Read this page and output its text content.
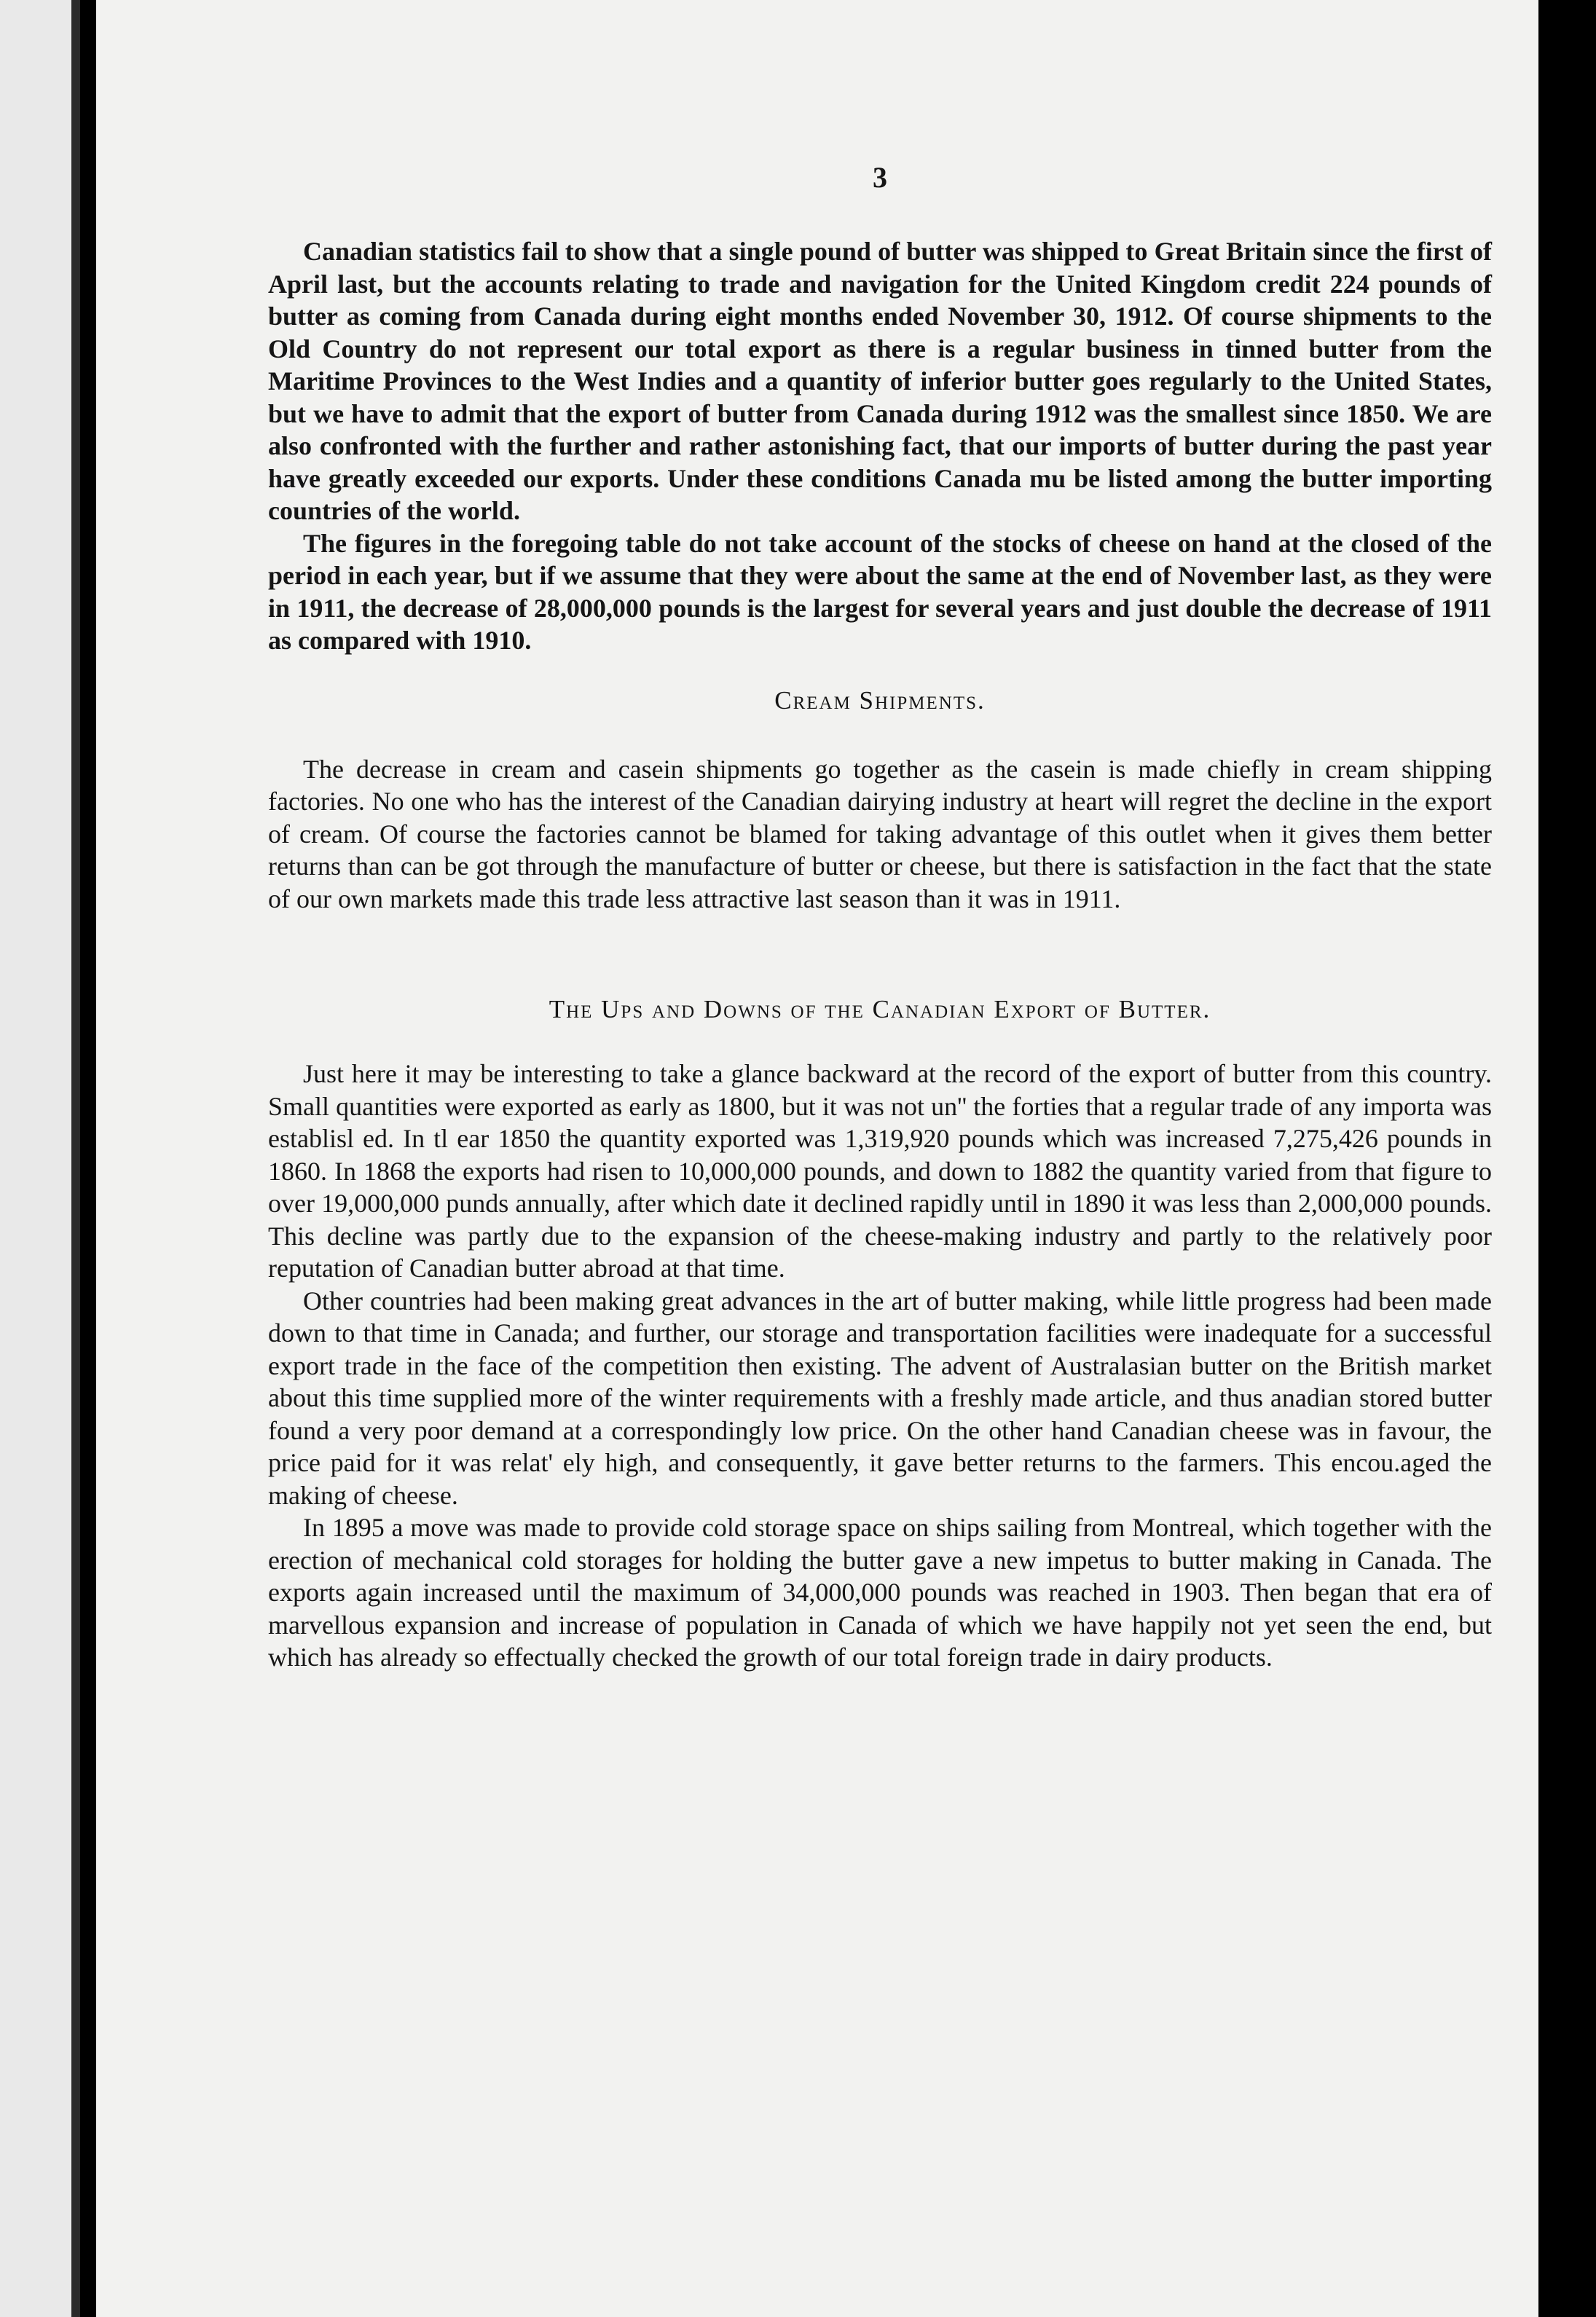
3

Canadian statistics fail to show that a single pound of butter was shipped to Great Britain since the first of April last, but the accounts relating to trade and navigation for the United Kingdom credit 224 pounds of butter as coming from Canada during eight months ended November 30, 1912. Of course shipments to the Old Country do not represent our total export as there is a regular business in tinned butter from the Maritime Provinces to the West Indies and a quantity of inferior butter goes regularly to the United States, but we have to admit that the export of butter from Canada during 1912 was the smallest since 1850. We are also confronted with the further and rather astonishing fact, that our imports of butter during the past year have greatly exceeded our exports. Under these conditions Canada mu be listed among the butter importing countries of the world.

The figures in the foregoing table do not take account of the stocks of cheese on hand at the closed of the period in each year, but if we assume that they were about the same at the end of November last, as they were in 1911, the decrease of 28,000,000 pounds is the largest for several years and just double the decrease of 1911 as compared with 1910.

Cream Shipments.

The decrease in cream and casein shipments go together as the casein is made chiefly in cream shipping factories. No one who has the interest of the Canadian dairying industry at heart will regret the decline in the export of cream. Of course the factories cannot be blamed for taking advantage of this outlet when it gives them better returns than can be got through the manufacture of butter or cheese, but there is satisfaction in the fact that the state of our own markets made this trade less attractive last season than it was in 1911.

The Ups and Downs of the Canadian Export of Butter.

Just here it may be interesting to take a glance backward at the record of the export of butter from this country. Small quantities were exported as early as 1800, but it was not un'' the forties that a regular trade of any importa was establisl ed. In tl ear 1850 the quantity exported was 1,319,920 pounds which was increased 7,275,426 pounds in 1860. In 1868 the exports had risen to 10,000,000 pounds, and down to 1882 the quantity varied from that figure to over 19,000,000 punds annually, after which date it declined rapidly until in 1890 it was less than 2,000,000 pounds. This decline was partly due to the expansion of the cheese-making industry and partly to the relatively poor reputation of Canadian butter abroad at that time.

Other countries had been making great advances in the art of butter making, while little progress had been made down to that time in Canada; and further, our storage and transportation facilities were inadequate for a successful export trade in the face of the competition then existing. The advent of Australasian butter on the British market about this time supplied more of the winter requirements with a freshly made article, and thus anadian stored butter found a very poor demand at a correspondingly low price. On the other hand Canadian cheese was in favour, the price paid for it was relat' ely high, and consequently, it gave better returns to the farmers. This encou.aged the making of cheese.

In 1895 a move was made to provide cold storage space on ships sailing from Montreal, which together with the erection of mechanical cold storages for holding the butter gave a new impetus to butter making in Canada. The exports again increased until the maximum of 34,000,000 pounds was reached in 1903. Then began that era of marvellous expansion and increase of population in Canada of which we have happily not yet seen the end, but which has already so effectually checked the growth of our total foreign trade in dairy products.
